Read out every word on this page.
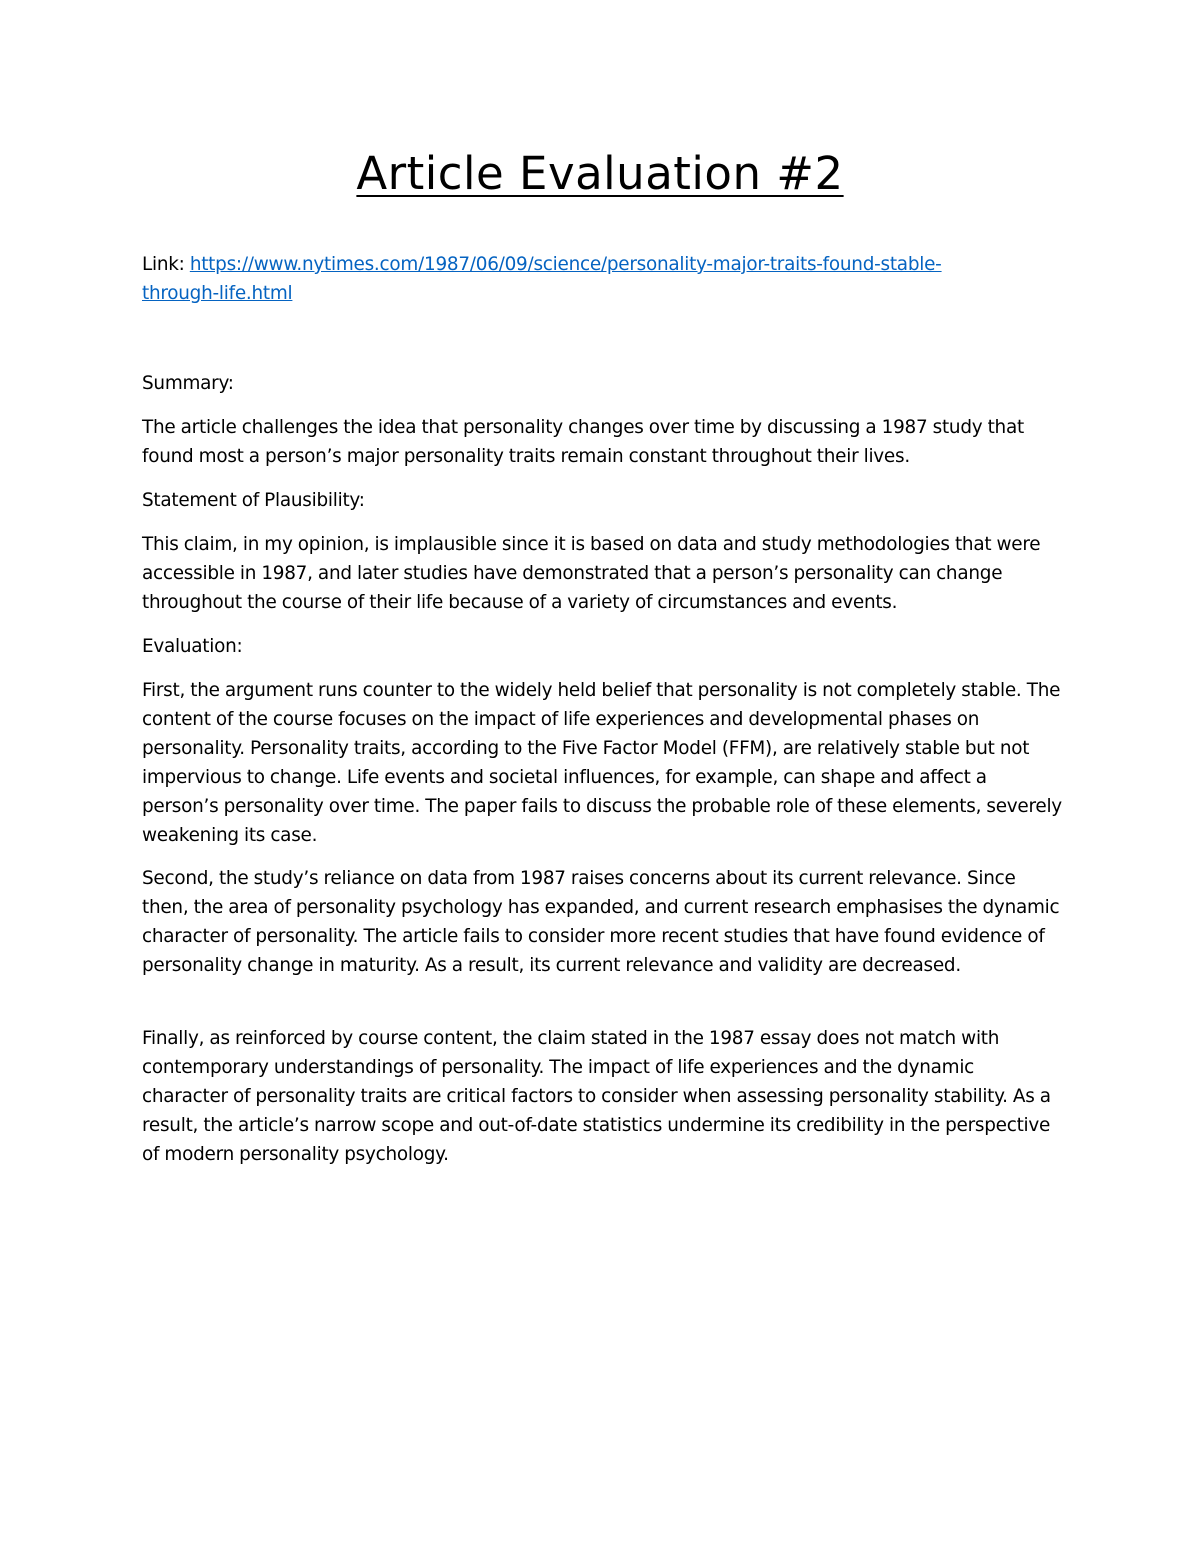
Article Evaluation #2
Link: https://www.nytimes.com/1987/06/09/science/personality-major-traits-found-stable-
through-life.html

Summary:

The article challenges the idea that personality changes over time by discussing a 1987 study that found most a person’s major personality traits remain constant throughout their lives.

Statement of Plausibility:

This claim, in my opinion, is implausible since it is based on data and study methodologies that were accessible in 1987, and later studies have demonstrated that a person’s personality can change throughout the course of their life because of a variety of circumstances and events.

Evaluation:

First, the argument runs counter to the widely held belief that personality is not completely stable. The content of the course focuses on the impact of life experiences and developmental phases on personality. Personality traits, according to the Five Factor Model (FFM), are relatively stable but not impervious to change. Life events and societal influences, for example, can shape and affect a person’s personality over time. The paper fails to discuss the probable role of these elements, severely weakening its case.

Second, the study’s reliance on data from 1987 raises concerns about its current relevance. Since then, the area of personality psychology has expanded, and current research emphasises the dynamic character of personality. The article fails to consider more recent studies that have found evidence of personality change in maturity. As a result, its current relevance and validity are decreased.

Finally, as reinforced by course content, the claim stated in the 1987 essay does not match with contemporary understandings of personality. The impact of life experiences and the dynamic character of personality traits are critical factors to consider when assessing personality stability. As a result, the article’s narrow scope and out-of-date statistics undermine its credibility in the perspective of modern personality psychology.
